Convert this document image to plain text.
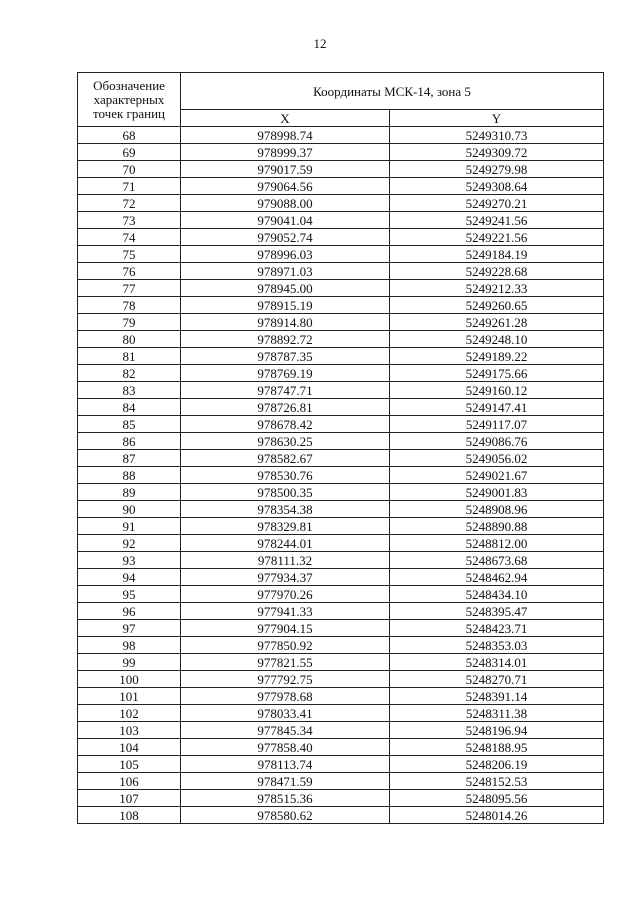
12
Обозначение характерных точек границ	Координаты МСК-14, зона 5	
	X	Y
68	978998.74	5249310.73
69	978999.37	5249309.72
70	979017.59	5249279.98
71	979064.56	5249308.64
72	979088.00	5249270.21
73	979041.04	5249241.56
74	979052.74	5249221.56
75	978996.03	5249184.19
76	978971.03	5249228.68
77	978945.00	5249212.33
78	978915.19	5249260.65
79	978914.80	5249261.28
80	978892.72	5249248.10
81	978787.35	5249189.22
82	978769.19	5249175.66
83	978747.71	5249160.12
84	978726.81	5249147.41
85	978678.42	5249117.07
86	978630.25	5249086.76
87	978582.67	5249056.02
88	978530.76	5249021.67
89	978500.35	5249001.83
90	978354.38	5248908.96
91	978329.81	5248890.88
92	978244.01	5248812.00
93	978111.32	5248673.68
94	977934.37	5248462.94
95	977970.26	5248434.10
96	977941.33	5248395.47
97	977904.15	5248423.71
98	977850.92	5248353.03
99	977821.55	5248314.01
100	977792.75	5248270.71
101	977978.68	5248391.14
102	978033.41	5248311.38
103	977845.34	5248196.94
104	977858.40	5248188.95
105	978113.74	5248206.19
106	978471.59	5248152.53
107	978515.36	5248095.56
108	978580.62	5248014.26
